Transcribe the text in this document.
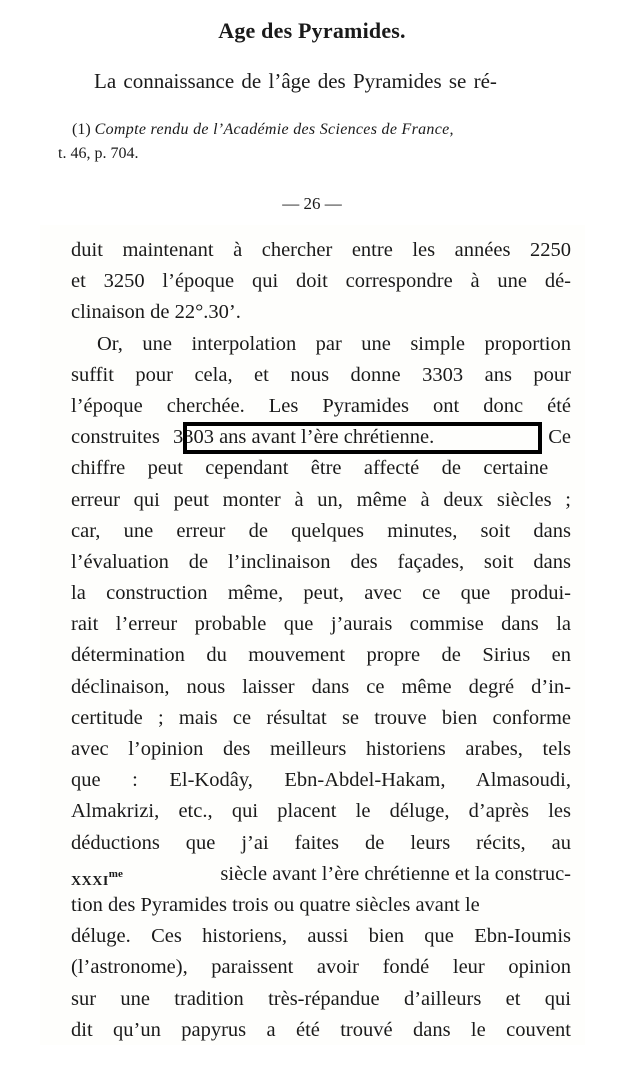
Age des Pyramides.
La connaissance de l’âge des Pyramides se ré-
(1) Compte rendu de l’Académie des Sciences de France,
t. 46, p. 704.
— 26 —
duit maintenant à chercher entre les années 2250
et 3250 l’époque qui doit correspondre à une dé-
clinaison de 22°.30’.
Or, une interpolation par une simple proportion
suffit pour cela, et nous donne 3303 ans pour
l’époque cherchée. Les Pyramides ont donc été
construites 3303 ans avant l’ère chrétienne.	Ce
chiffre peut cependant être affecté de certaine
erreur qui peut monter à un, même à deux siècles ;
car, une erreur de quelques minutes, soit dans
l’évaluation de l’inclinaison des façades, soit dans
la construction même, peut, avec ce que produi-
rait l’erreur probable que j’aurais commise dans la
détermination du mouvement propre de Sirius en
déclinaison, nous laisser dans ce même degré d’in-
certitude ; mais ce résultat se trouve bien conforme
avec l’opinion des meilleurs historiens arabes, tels
que : El-Kodây, Ebn-Abdel-Hakam, Almasoudi,
Almakrizi, etc., qui placent le déluge, d’après les
déductions que j’ai faites de leurs récits, au
xxxi$^{me}$	siècle avant l’ère chrétienne et la construc-
tion des Pyramides trois ou quatre siècles avant le
déluge. Ces historiens, aussi bien que Ebn-Ioumis
(l’astronome), paraissent avoir fondé leur opinion
sur une tradition très-répandue d’ailleurs et qui
dit qu’un papyrus a été trouvé dans le couvent
